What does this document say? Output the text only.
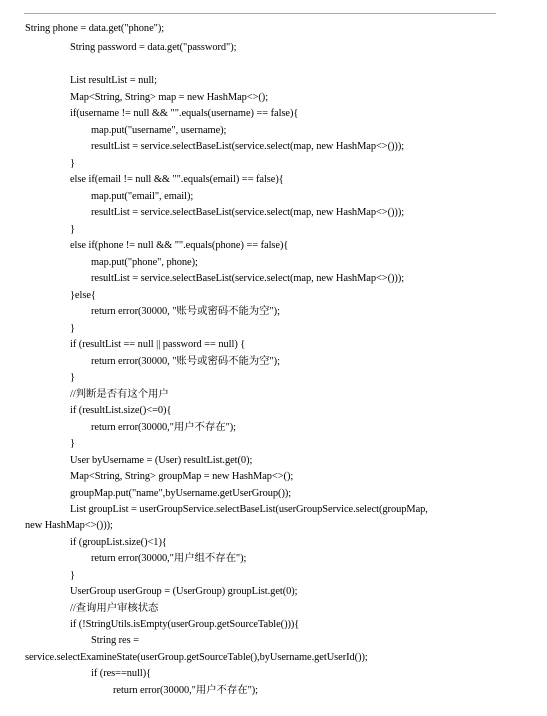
String phone = data.get("phone");
String password = data.get("password");
List resultList = null;
Map<String, String> map = new HashMap<>();
if(username != null && "".equals(username) == false){
map.put("username", username);
resultList = service.selectBaseList(service.select(map, new HashMap<>()));
}
else if(email != null && "".equals(email) == false){
map.put("email", email);
resultList = service.selectBaseList(service.select(map, new HashMap<>()));
}
else if(phone != null && "".equals(phone) == false){
map.put("phone", phone);
resultList = service.selectBaseList(service.select(map, new HashMap<>()));
}else{
return error(30000, "账号或密码不能为空");
}
if (resultList == null || password == null) {
return error(30000, "账号或密码不能为空");
}
//判断是否有这个用户
if (resultList.size()<=0){
return error(30000,"用户不存在");
}
User byUsername = (User) resultList.get(0);
Map<String, String> groupMap = new HashMap<>();
groupMap.put("name",byUsername.getUserGroup());
List groupList = userGroupService.selectBaseList(userGroupService.select(groupMap,
new HashMap<>()));
if (groupList.size()<1){
return error(30000,"用户组不存在");
}
UserGroup userGroup = (UserGroup) groupList.get(0);
//查询用户审核状态
if (!StringUtils.isEmpty(userGroup.getSourceTable())){
String res =
service.selectExamineState(userGroup.getSourceTable(),byUsername.getUserId());
if (res==null){
return error(30000,"用户不存在");
